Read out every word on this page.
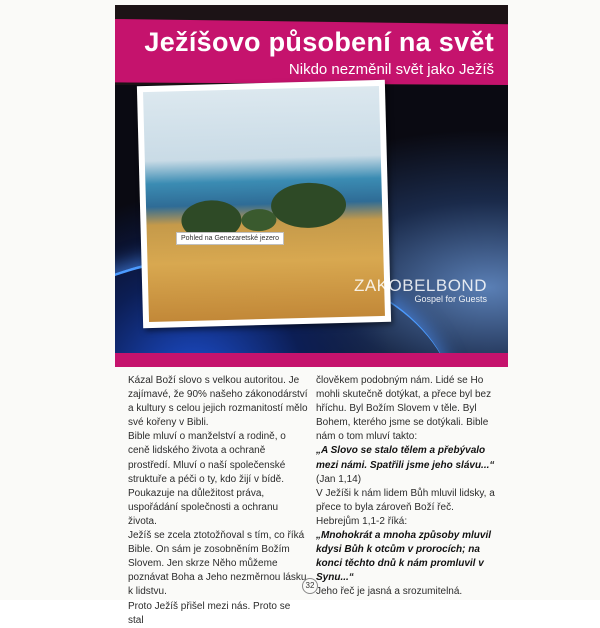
Ježíšovo působení na svět

Nikdo nezměnil svět jako Ježíš

Pohled na Genezaretské jezero
ZAKOBELBOND
Gospel for Guests

Kázal Boží slovo s velkou autoritou. Je zajímavé, že 90% našeho zákonodárství a kultury s celou jejich rozmanitostí mělo své kořeny v Bibli.

Bible mluví o manželství a rodině, o ceně lidského života a ochraně prostředí. Mluví o naší společenské struktuře a péči o ty, kdo žijí v bídě. Poukazuje na důležitost práva, uspořádání společnosti a ochranu života.

Ježíš se zcela ztotožňoval s tím, co říká Bible. On sám je zosobněním Božím Slovem. Jen skrze Něho můžeme poznávat Boha a Jeho nezměrnou lásku k lidstvu.

Proto Ježíš přišel mezi nás. Proto se stal

člověkem podobným nám. Lidé se Ho mohli skutečně dotýkat, a přece byl bez hříchu. Byl Božím Slovem v těle. Byl Bohem, kterého jsme se dotýkali. Bible nám o tom mluví takto:

„A Slovo se stalo tělem a přebývalo mezi námi. Spatřili jsme jeho slávu...“ (Jan 1,14)

V Ježíši k nám lidem Bůh mluvil lidsky, a přece to byla zároveň Boží řeč. Hebrejům 1,1-2 říká:

„Mnohokrát a mnoha způsoby mluvil kdysi Bůh k otcům v prorocích; na konci těchto dnů k nám promluvil v Synu...“

Jeho řeč je jasná a srozumitelná.

32
